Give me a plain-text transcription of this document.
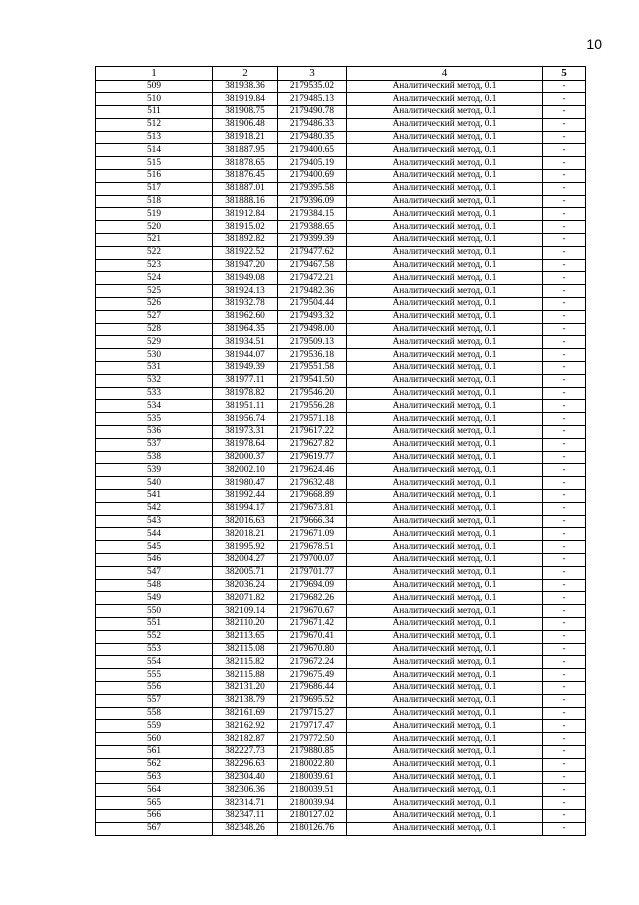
10
1	2	3	4	5
509	381938.36	2179535.02	Аналитический метод, 0.1	-
510	381919.84	2179485.13	Аналитический метод, 0.1	-
511	381908.75	2179490.78	Аналитический метод, 0.1	-
512	381906.48	2179486.33	Аналитический метод, 0.1	-
513	381918.21	2179480.35	Аналитический метод, 0.1	-
514	381887.95	2179400.65	Аналитический метод, 0.1	-
515	381878.65	2179405.19	Аналитический метод, 0.1	-
516	381876.45	2179400.69	Аналитический метод, 0.1	-
517	381887.01	2179395.58	Аналитический метод, 0.1	-
518	381888.16	2179396.09	Аналитический метод, 0.1	-
519	381912.84	2179384.15	Аналитический метод, 0.1	-
520	381915.02	2179388.65	Аналитический метод, 0.1	-
521	381892.82	2179399.39	Аналитический метод, 0.1	-
522	381922.52	2179477.62	Аналитический метод, 0.1	-
523	381947.20	2179467.58	Аналитический метод, 0.1	-
524	381949.08	2179472.21	Аналитический метод, 0.1	-
525	381924.13	2179482.36	Аналитический метод, 0.1	-
526	381932.78	2179504.44	Аналитический метод, 0.1	-
527	381962.60	2179493.32	Аналитический метод, 0.1	-
528	381964.35	2179498.00	Аналитический метод, 0.1	-
529	381934.51	2179509.13	Аналитический метод, 0.1	-
530	381944.07	2179536.18	Аналитический метод, 0.1	-
531	381949.39	2179551.58	Аналитический метод, 0.1	-
532	381977.11	2179541.50	Аналитический метод, 0.1	-
533	381978.82	2179546.20	Аналитический метод, 0.1	-
534	381951.11	2179556.28	Аналитический метод, 0.1	-
535	381956.74	2179571.18	Аналитический метод, 0.1	-
536	381973.31	2179617.22	Аналитический метод, 0.1	-
537	381978.64	2179627.82	Аналитический метод, 0.1	-
538	382000.37	2179619.77	Аналитический метод, 0.1	-
539	382002.10	2179624.46	Аналитический метод, 0.1	-
540	381980.47	2179632.48	Аналитический метод, 0.1	-
541	381992.44	2179668.89	Аналитический метод, 0.1	-
542	381994.17	2179673.81	Аналитический метод, 0.1	-
543	382016.63	2179666.34	Аналитический метод, 0.1	-
544	382018.21	2179671.09	Аналитический метод, 0.1	-
545	381995.92	2179678.51	Аналитический метод, 0.1	-
546	382004.27	2179700.07	Аналитический метод, 0.1	-
547	382005.71	2179701.77	Аналитический метод, 0.1	-
548	382036.24	2179694.09	Аналитический метод, 0.1	-
549	382071.82	2179682.26	Аналитический метод, 0.1	-
550	382109.14	2179670.67	Аналитический метод, 0.1	-
551	382110.20	2179671.42	Аналитический метод, 0.1	-
552	382113.65	2179670.41	Аналитический метод, 0.1	-
553	382115.08	2179670.80	Аналитический метод, 0.1	-
554	382115.82	2179672.24	Аналитический метод, 0.1	-
555	382115.88	2179675.49	Аналитический метод, 0.1	-
556	382131.20	2179686.44	Аналитический метод, 0.1	-
557	382138.79	2179695.52	Аналитический метод, 0.1	-
558	382161.69	2179715.27	Аналитический метод, 0.1	-
559	382162.92	2179717.47	Аналитический метод, 0.1	-
560	382182.87	2179772.50	Аналитический метод, 0.1	-
561	382227.73	2179880.85	Аналитический метод, 0.1	-
562	382296.63	2180022.80	Аналитический метод, 0.1	-
563	382304.40	2180039.61	Аналитический метод, 0.1	-
564	382306.36	2180039.51	Аналитический метод, 0.1	-
565	382314.71	2180039.94	Аналитический метод, 0.1	-
566	382347.11	2180127.02	Аналитический метод, 0.1	-
567	382348.26	2180126.76	Аналитический метод, 0.1	-
